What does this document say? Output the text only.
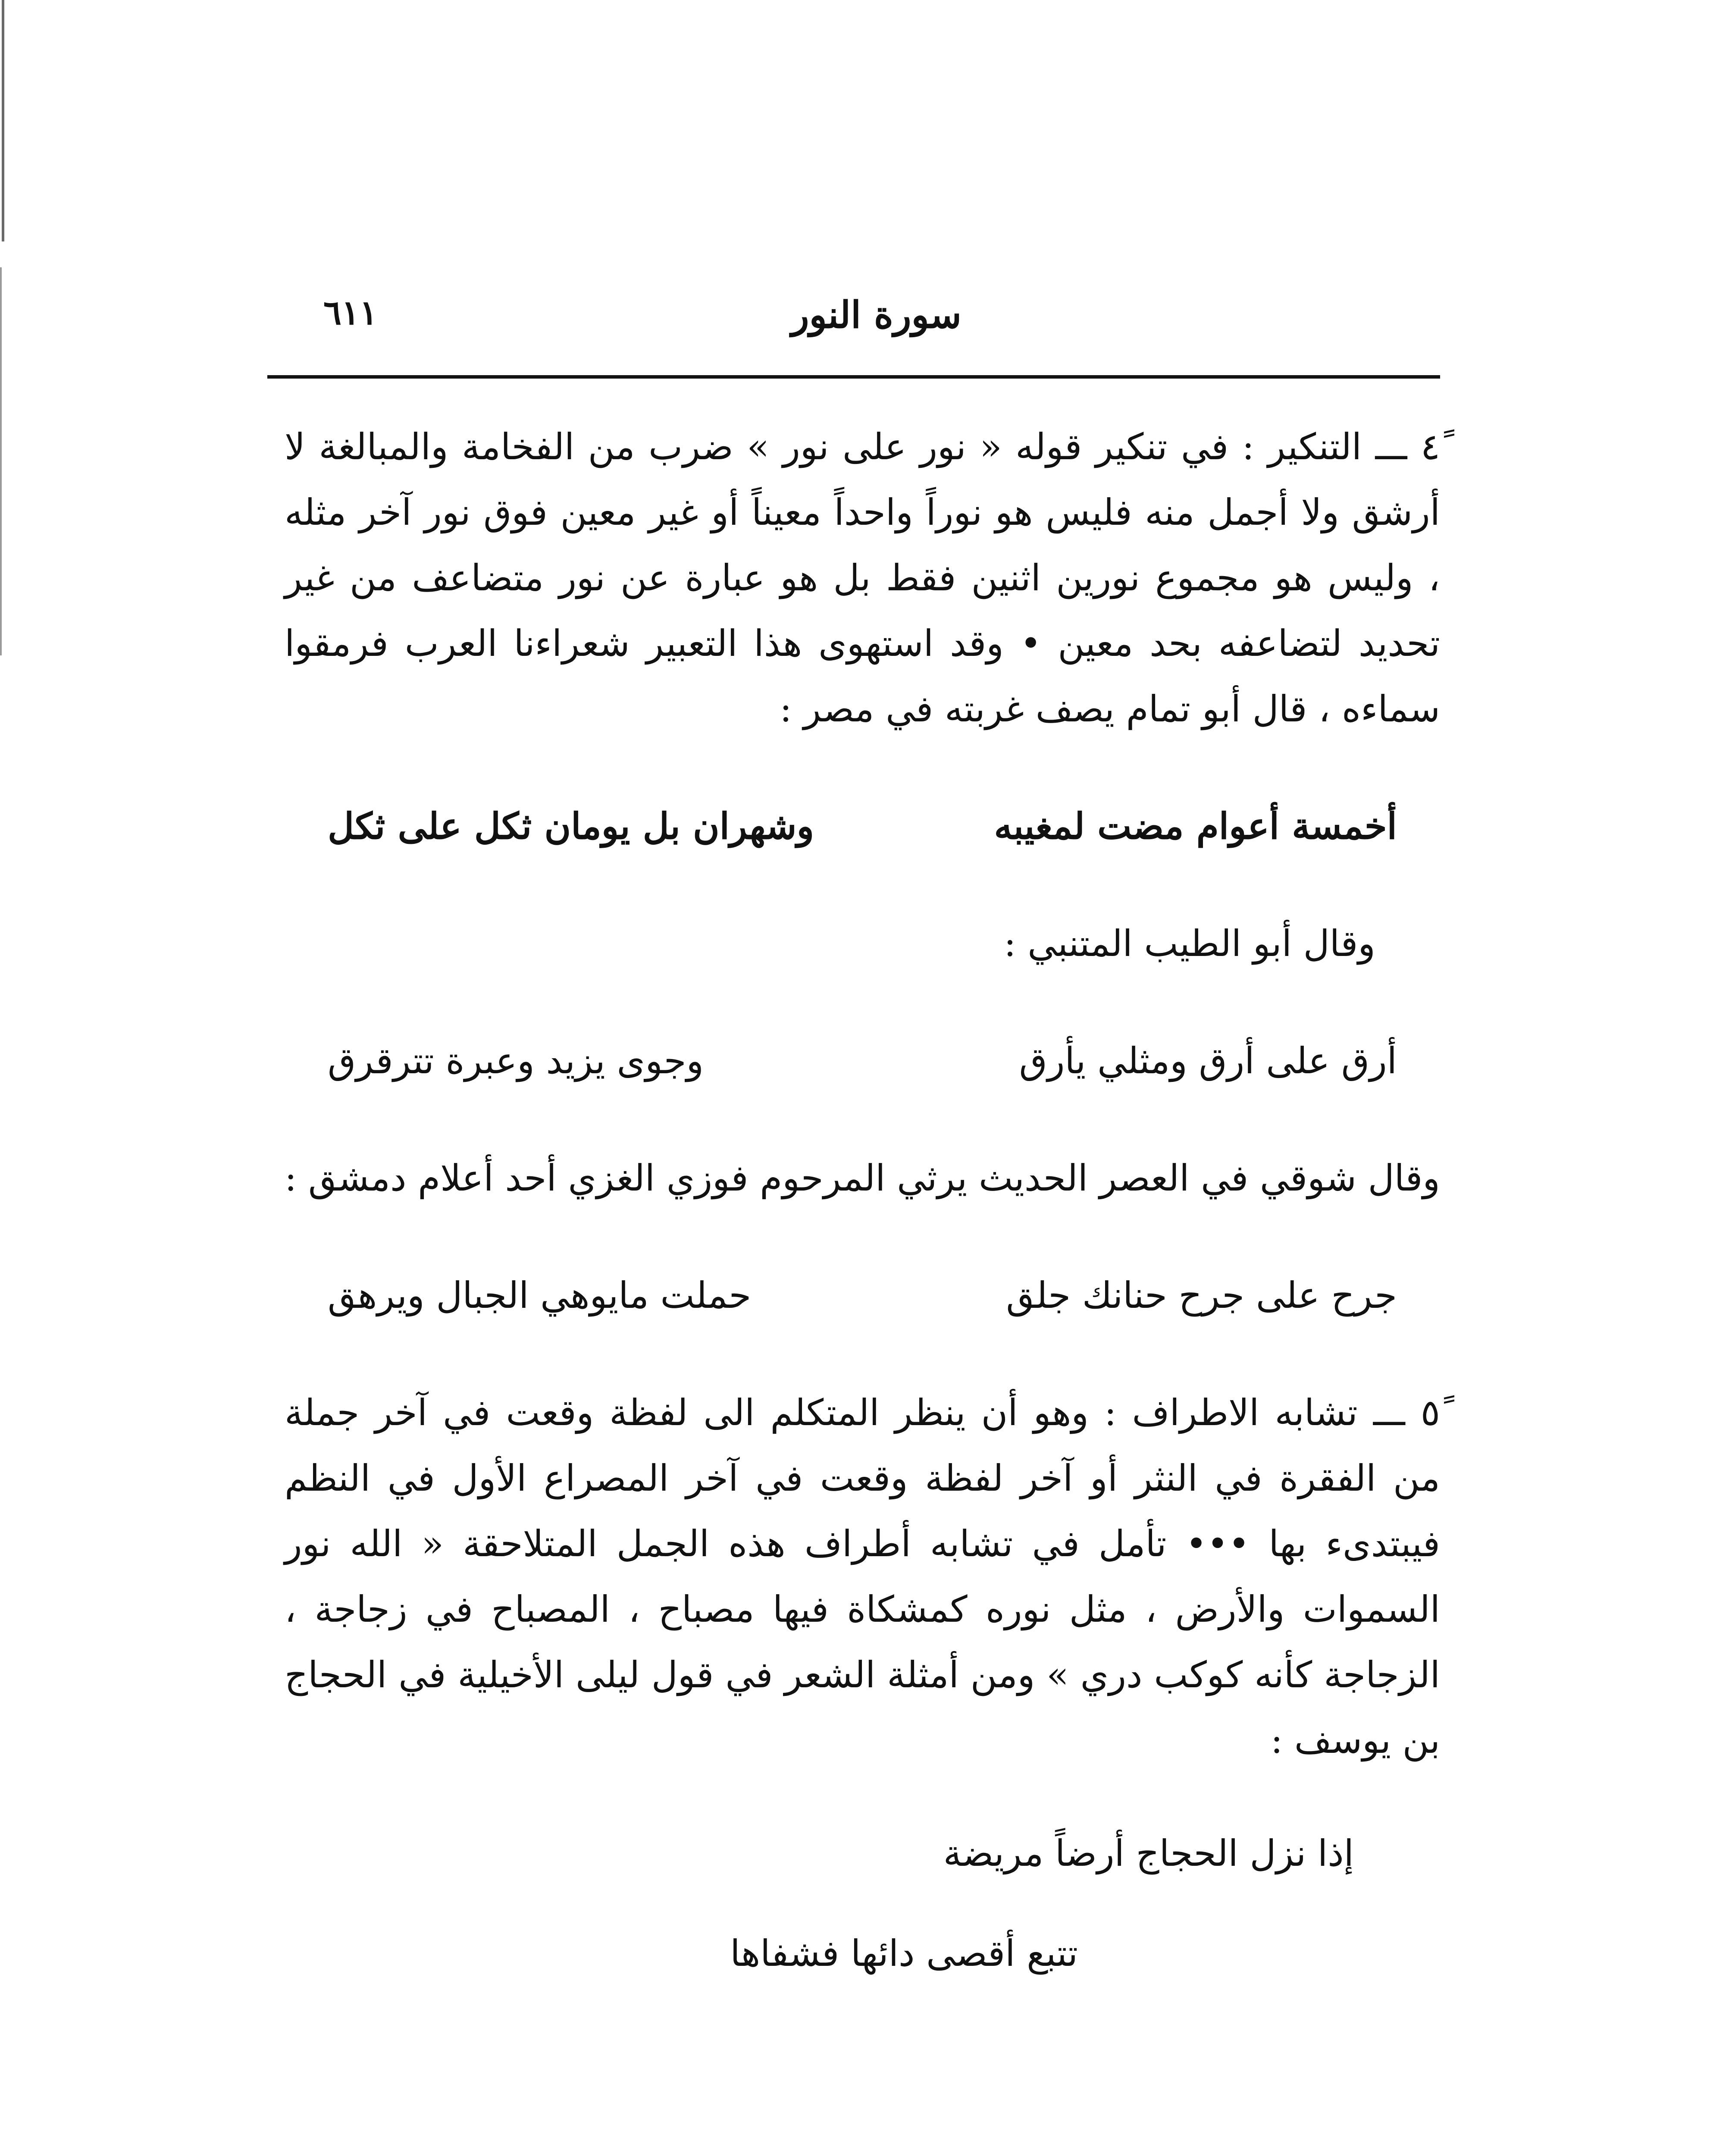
سورة النور
٦١١

٤ً ـــ التنكير : في تنكير قوله « نور على نور » ضرب من الفخامة والمبالغة لا أرشق ولا أجمل منه فليس هو نوراً واحداً معيناً أو غير معين فوق نور آخر مثله ، وليس هو مجموع نورين اثنين فقط بل هو عبارة عن نور متضاعف من غير تحديد لتضاعفه بحد معين • وقد استهوى هذا التعبير شعراءنا العرب فرمقوا سماءه ، قال أبو تمام يصف غربته في مصر :

أخمسة أعوام مضت لمغيبه
وشهران بل يومان ثكل على ثكل

وقال أبو الطيب المتنبي :

أرق على أرق ومثلي يأرق
وجوى يزيد وعبرة تترقرق

وقال شوقي في العصر الحديث يرثي المرحوم فوزي الغزي أحد أعلام دمشق :

جرح على جرح حنانك جلق
حملت مايوهي الجبال ويرهق

٥ً ـــ تشابه الاطراف : وهو أن ينظر المتكلم الى لفظة وقعت في آخر جملة من الفقرة في النثر أو آخر لفظة وقعت في آخر المصراع الأول في النظم فيبتدىء بها ••• تأمل في تشابه أطراف هذه الجمل المتلاحقة « الله نور السموات والأرض ، مثل نوره كمشكاة فيها مصباح ، المصباح في زجاجة ، الزجاجة كأنه كوكب دري » ومن أمثلة الشعر في قول ليلى الأخيلية في الحجاج بن يوسف :

إذا نزل الحجاج أرضاً مريضة
تتبع أقصى دائها فشفاها
